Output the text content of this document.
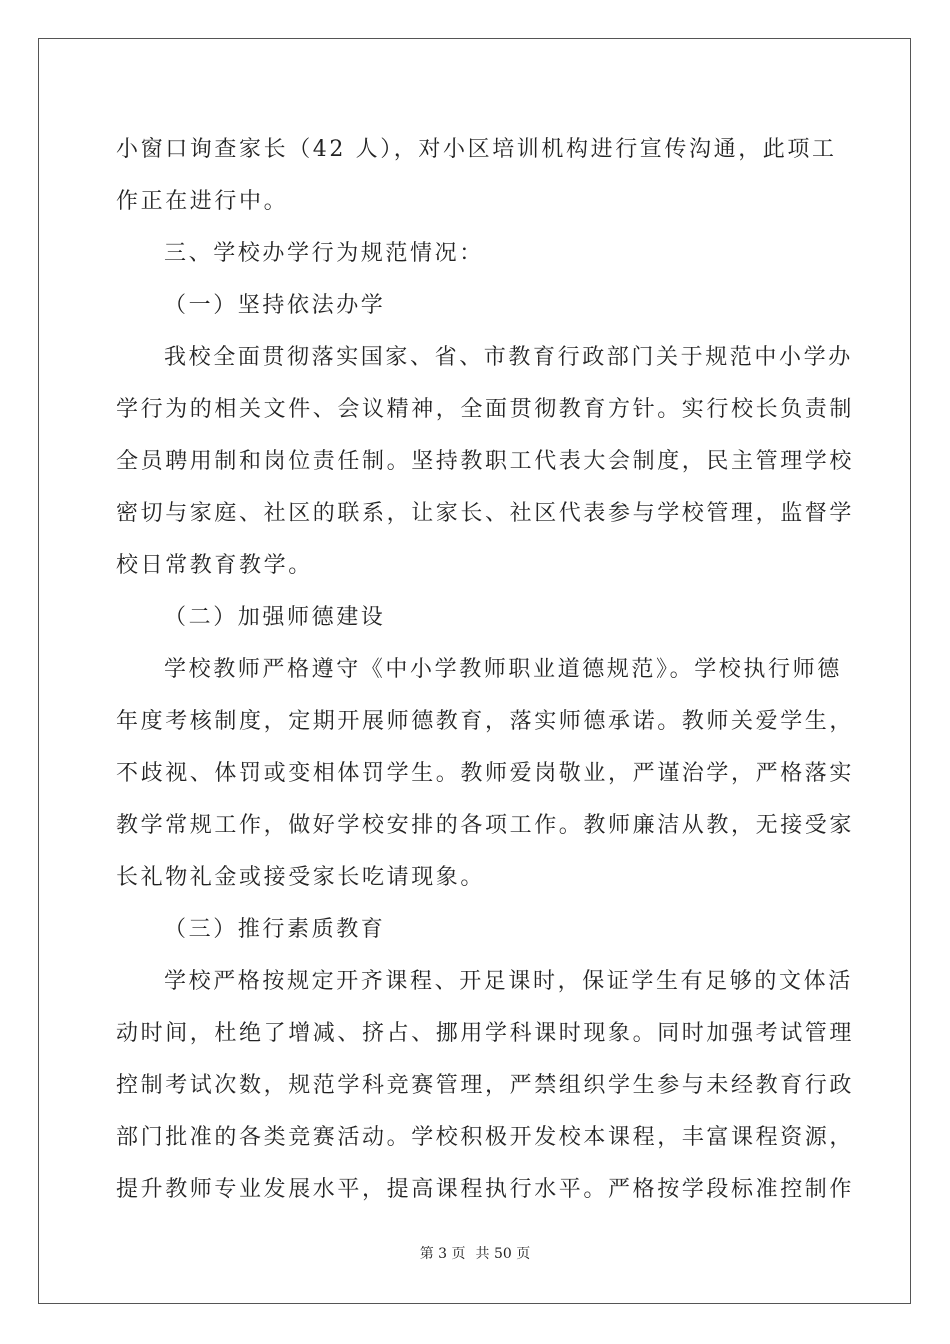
小窗口询查家长（42 人），对小区培训机构进行宣传沟通，此项工
作正在进行中。
三、学校办学行为规范情况：
（一）坚持依法办学
我校全面贯彻落实国家、省、市教育行政部门关于规范中小学办
学行为的相关文件、会议精神，全面贯彻教育方针。实行校长负责制
全员聘用制和岗位责任制。坚持教职工代表大会制度，民主管理学校
密切与家庭、社区的联系，让家长、社区代表参与学校管理，监督学
校日常教育教学。
（二）加强师德建设
学校教师严格遵守《中小学教师职业道德规范》。学校执行师德
年度考核制度，定期开展师德教育，落实师德承诺。教师关爱学生，
不歧视、体罚或变相体罚学生。教师爱岗敬业，严谨治学，严格落实
教学常规工作，做好学校安排的各项工作。教师廉洁从教，无接受家
长礼物礼金或接受家长吃请现象。
（三）推行素质教育
学校严格按规定开齐课程、开足课时，保证学生有足够的文体活
动时间，杜绝了增减、挤占、挪用学科课时现象。同时加强考试管理
控制考试次数，规范学科竞赛管理，严禁组织学生参与未经教育行政
部门批准的各类竞赛活动。学校积极开发校本课程，丰富课程资源，
提升教师专业发展水平，提高课程执行水平。严格按学段标准控制作
第 3 页 共 50 页
